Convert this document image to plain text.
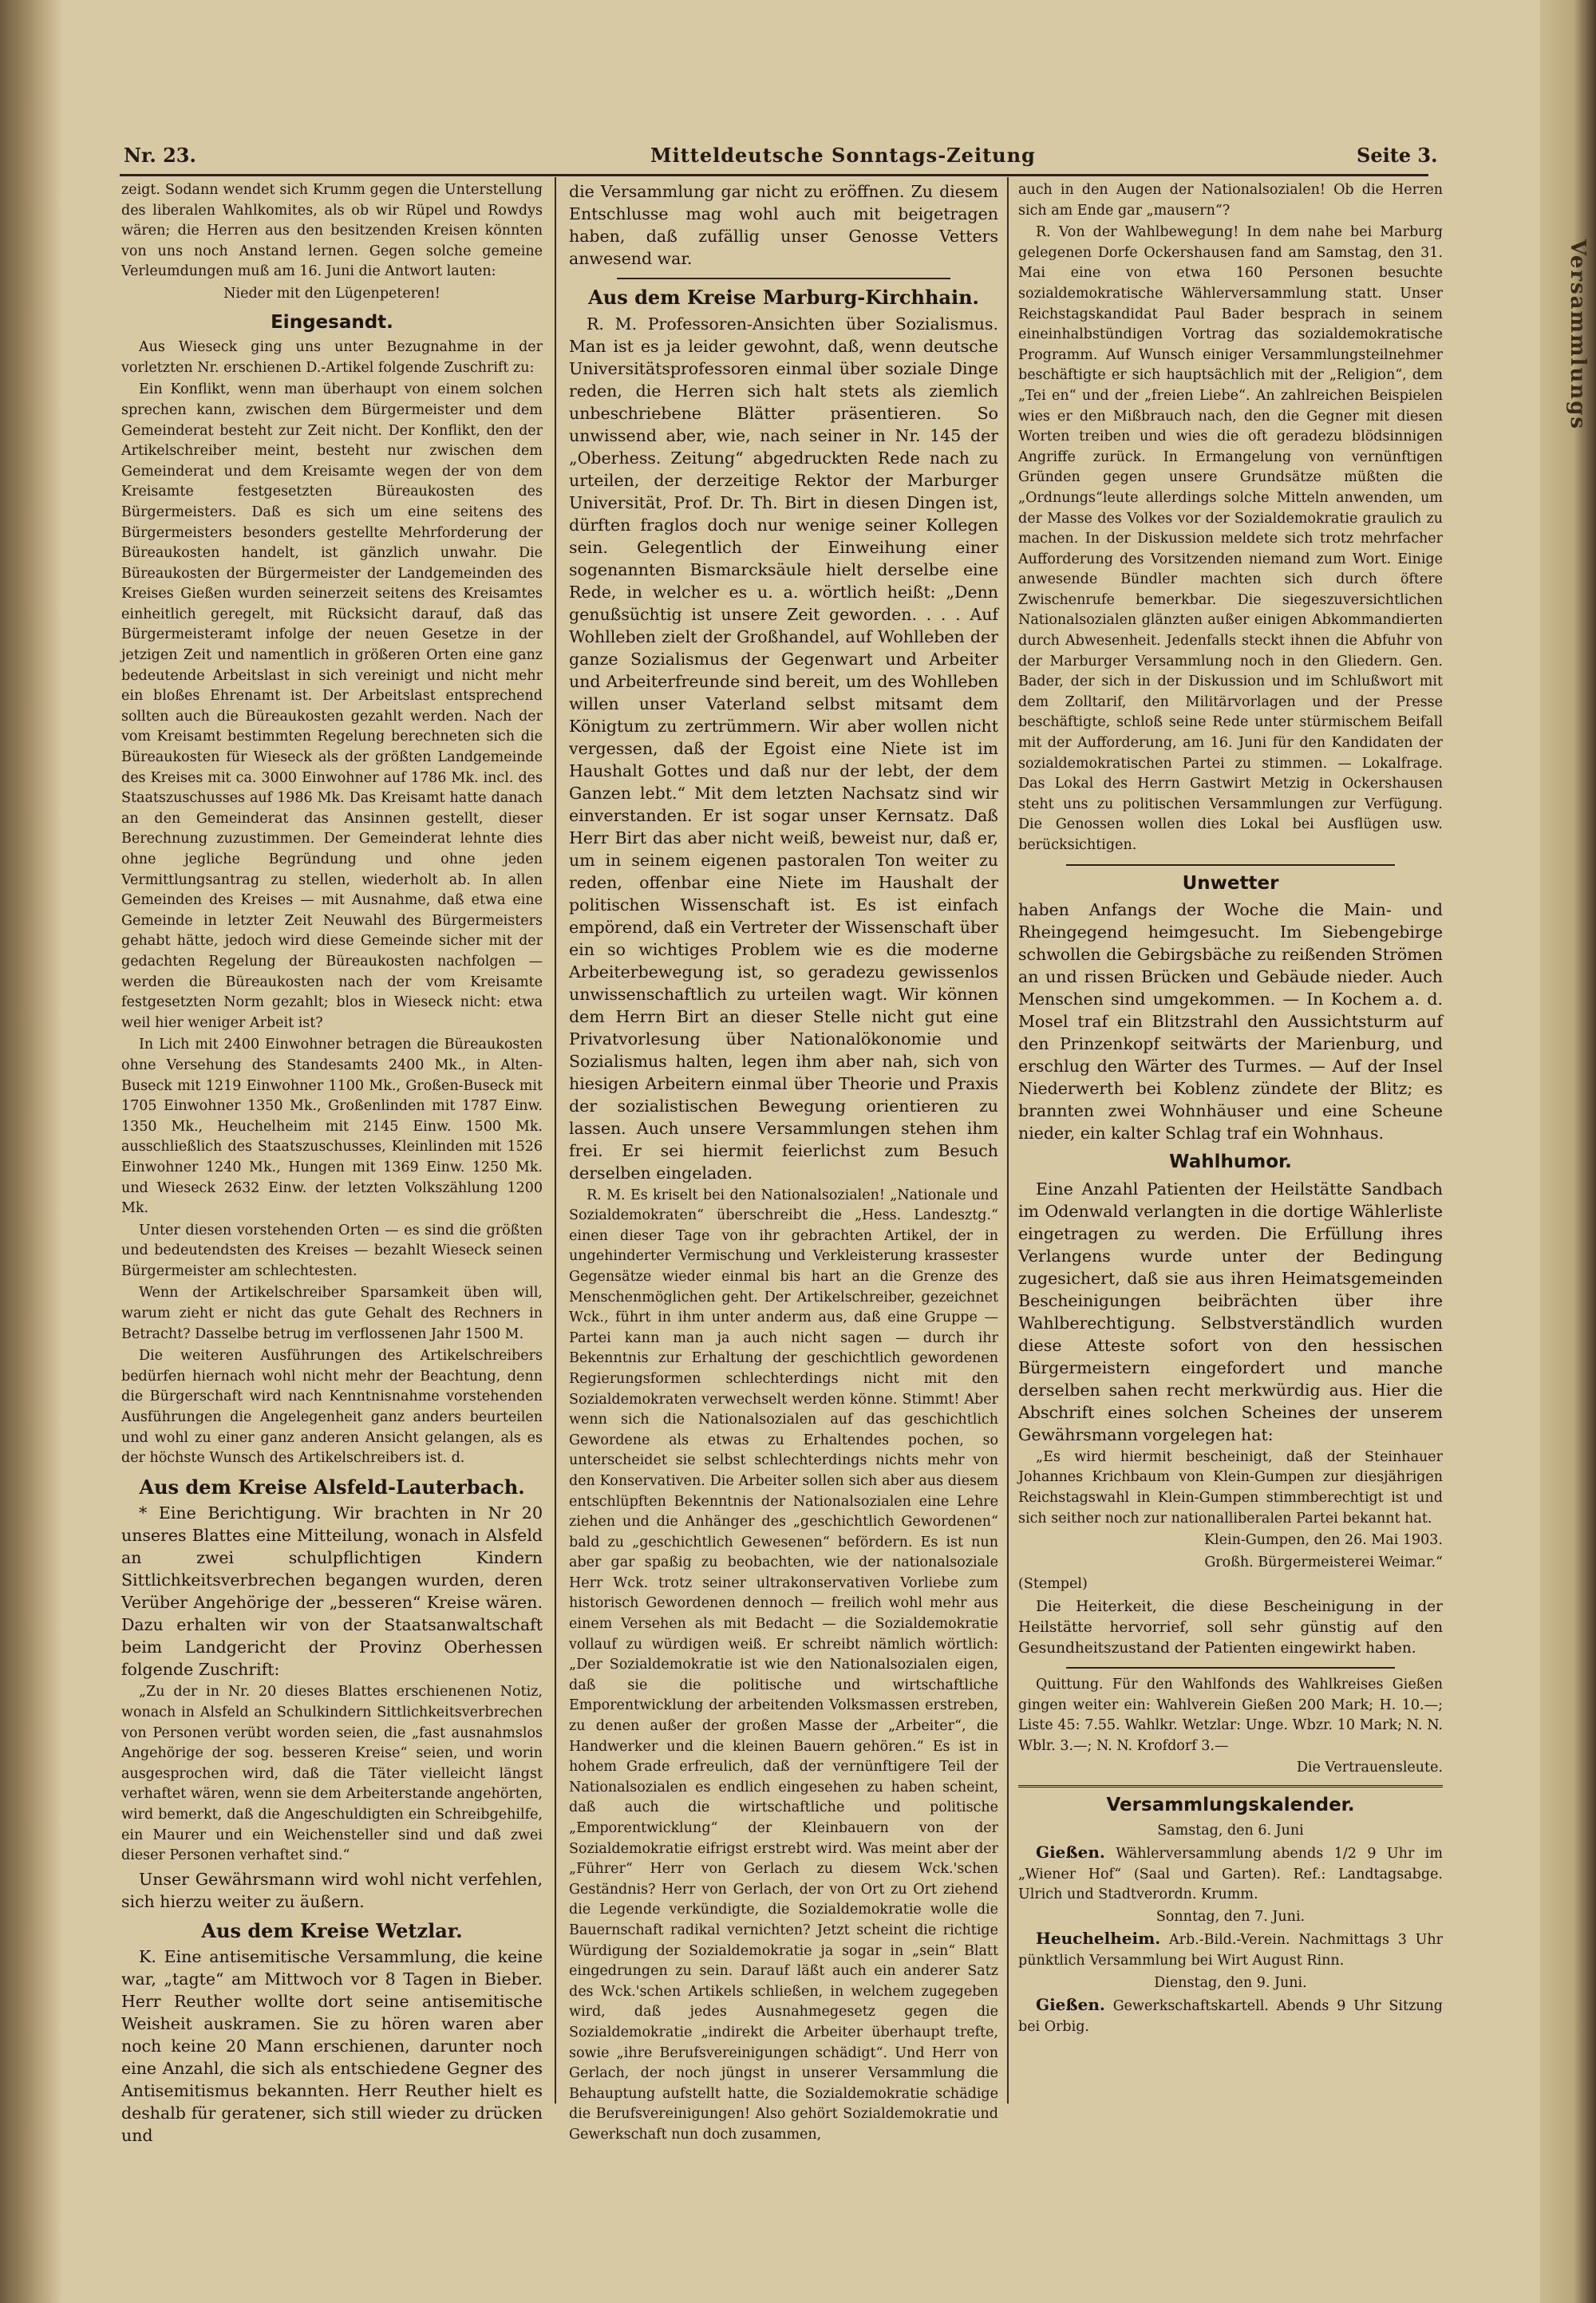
Versammlungs
Nr. 23.	Mitteldeutsche Sonntags-Zeitung	Seite 3.

zeigt. Sodann wendet sich Krumm gegen die Unterstellung des liberalen Wahlkomites, als ob wir Rüpel und Rowdys wären; die Herren aus den besitzenden Kreisen könnten von uns noch Anstand lernen. Gegen solche gemeine Verleumdungen muß am 16. Juni die Antwort lauten:

Nieder mit den Lügenpeteren!

Eingesandt.

Aus Wieseck ging uns unter Bezugnahme in der vorletzten Nr. erschienen D.-Artikel folgende Zuschrift zu:

Ein Konflikt, wenn man überhaupt von einem solchen sprechen kann, zwischen dem Bürgermeister und dem Gemeinderat besteht zur Zeit nicht. Der Konflikt, den der Artikelschreiber meint, besteht nur zwischen dem Gemeinderat und dem Kreisamte wegen der von dem Kreisamte festgesetzten Büreaukosten des Bürgermeisters. Daß es sich um eine seitens des Bürgermeisters besonders gestellte Mehrforderung der Büreaukosten handelt, ist gänzlich unwahr. Die Büreaukosten der Bürgermeister der Landgemeinden des Kreises Gießen wurden seinerzeit seitens des Kreisamtes einheitlich geregelt, mit Rücksicht darauf, daß das Bürgermeisteramt infolge der neuen Gesetze in der jetzigen Zeit und namentlich in größeren Orten eine ganz bedeutende Arbeitslast in sich vereinigt und nicht mehr ein bloßes Ehrenamt ist. Der Arbeitslast entsprechend sollten auch die Büreaukosten gezahlt werden. Nach der vom Kreisamt bestimmten Regelung berechneten sich die Büreaukosten für Wieseck als der größten Landgemeinde des Kreises mit ca. 3000 Einwohner auf 1786 Mk. incl. des Staatszuschusses auf 1986 Mk. Das Kreisamt hatte danach an den Gemeinderat das Ansinnen gestellt, dieser Berechnung zuzustimmen. Der Gemeinderat lehnte dies ohne jegliche Begründung und ohne jeden Vermittlungsantrag zu stellen, wiederholt ab. In allen Gemeinden des Kreises — mit Ausnahme, daß etwa eine Gemeinde in letzter Zeit Neuwahl des Bürgermeisters gehabt hätte, jedoch wird diese Gemeinde sicher mit der gedachten Regelung der Büreaukosten nachfolgen — werden die Büreaukosten nach der vom Kreisamte festgesetzten Norm gezahlt; blos in Wieseck nicht: etwa weil hier weniger Arbeit ist?

In Lich mit 2400 Einwohner betragen die Büreaukosten ohne Versehung des Standesamts 2400 Mk., in Alten-Buseck mit 1219 Einwohner 1100 Mk., Großen-Buseck mit 1705 Einwohner 1350 Mk., Großenlinden mit 1787 Einw. 1350 Mk., Heuchelheim mit 2145 Einw. 1500 Mk. ausschließlich des Staatszuschusses, Kleinlinden mit 1526 Einwohner 1240 Mk., Hungen mit 1369 Einw. 1250 Mk. und Wieseck 2632 Einw. der letzten Volkszählung 1200 Mk.

Unter diesen vorstehenden Orten — es sind die größten und bedeutendsten des Kreises — bezahlt Wieseck seinen Bürgermeister am schlechtesten.

Wenn der Artikelschreiber Sparsamkeit üben will, warum zieht er nicht das gute Gehalt des Rechners in Betracht? Dasselbe betrug im verflossenen Jahr 1500 M.

Die weiteren Ausführungen des Artikelschreibers bedürfen hiernach wohl nicht mehr der Beachtung, denn die Bürgerschaft wird nach Kenntnisnahme vorstehenden Ausführungen die Angelegenheit ganz anders beurteilen und wohl zu einer ganz anderen Ansicht gelangen, als es der höchste Wunsch des Artikelschreibers ist. d.

Aus dem Kreise Alsfeld-Lauterbach.

* Eine Berichtigung. Wir brachten in Nr 20 unseres Blattes eine Mitteilung, wonach in Alsfeld an zwei schulpflichtigen Kindern Sittlichkeitsverbrechen begangen wurden, deren Verüber Angehörige der „besseren“ Kreise wären. Dazu erhalten wir von der Staatsanwaltschaft beim Landgericht der Provinz Oberhessen folgende Zuschrift:

„Zu der in Nr. 20 dieses Blattes erschienenen Notiz, wonach in Alsfeld an Schulkindern Sittlichkeitsverbrechen von Personen verübt worden seien, die „fast ausnahmslos Angehörige der sog. besseren Kreise“ seien, und worin ausgesprochen wird, daß die Täter vielleicht längst verhaftet wären, wenn sie dem Arbeiterstande angehörten, wird bemerkt, daß die Angeschuldigten ein Schreibgehilfe, ein Maurer und ein Weichensteller sind und daß zwei dieser Personen verhaftet sind.“

Unser Gewährsmann wird wohl nicht verfehlen, sich hierzu weiter zu äußern.

Aus dem Kreise Wetzlar.

K. Eine antisemitische Versammlung, die keine war, „tagte“ am Mittwoch vor 8 Tagen in Bieber. Herr Reuther wollte dort seine antisemitische Weisheit auskramen. Sie zu hören waren aber noch keine 20 Mann erschienen, darunter noch eine Anzahl, die sich als entschiedene Gegner des Antisemitismus bekannten. Herr Reuther hielt es deshalb für geratener, sich still wieder zu drücken und

die Versammlung gar nicht zu eröffnen. Zu diesem Entschlusse mag wohl auch mit beigetragen haben, daß zufällig unser Genosse Vetters anwesend war.

Aus dem Kreise Marburg-Kirchhain.

R. M. Professoren-Ansichten über Sozialismus. Man ist es ja leider gewohnt, daß, wenn deutsche Universitätsprofessoren einmal über soziale Dinge reden, die Herren sich halt stets als ziemlich unbeschriebene Blätter präsentieren. So unwissend aber, wie, nach seiner in Nr. 145 der „Oberhess. Zeitung“ abgedruckten Rede nach zu urteilen, der derzeitige Rektor der Marburger Universität, Prof. Dr. Th. Birt in diesen Dingen ist, dürften fraglos doch nur wenige seiner Kollegen sein. Gelegentlich der Einweihung einer sogenannten Bismarcksäule hielt derselbe eine Rede, in welcher es u. a. wörtlich heißt: „Denn genußsüchtig ist unsere Zeit geworden. . . . Auf Wohlleben zielt der Großhandel, auf Wohlleben der ganze Sozialismus der Gegenwart und Arbeiter und Arbeiterfreunde sind bereit, um des Wohlleben willen unser Vaterland selbst mitsamt dem Königtum zu zertrümmern. Wir aber wollen nicht vergessen, daß der Egoist eine Niete ist im Haushalt Gottes und daß nur der lebt, der dem Ganzen lebt.“ Mit dem letzten Nachsatz sind wir einverstanden. Er ist sogar unser Kernsatz. Daß Herr Birt das aber nicht weiß, beweist nur, daß er, um in seinem eigenen pastoralen Ton weiter zu reden, offenbar eine Niete im Haushalt der politischen Wissenschaft ist. Es ist einfach empörend, daß ein Vertreter der Wissenschaft über ein so wichtiges Problem wie es die moderne Arbeiterbewegung ist, so geradezu gewissenlos unwissenschaftlich zu urteilen wagt. Wir können dem Herrn Birt an dieser Stelle nicht gut eine Privatvorlesung über Nationalökonomie und Sozialismus halten, legen ihm aber nah, sich von hiesigen Arbeitern einmal über Theorie und Praxis der sozialistischen Bewegung orientieren zu lassen. Auch unsere Versammlungen stehen ihm frei. Er sei hiermit feierlichst zum Besuch derselben eingeladen.

R. M. Es kriselt bei den Nationalsozialen! „Nationale und Sozialdemokraten“ überschreibt die „Hess. Landesztg.“ einen dieser Tage von ihr gebrachten Artikel, der in ungehinderter Vermischung und Verkleisterung krassester Gegensätze wieder einmal bis hart an die Grenze des Menschenmöglichen geht. Der Artikelschreiber, gezeichnet Wck., führt in ihm unter anderm aus, daß eine Gruppe — Partei kann man ja auch nicht sagen — durch ihr Bekenntnis zur Erhaltung der geschichtlich gewordenen Regierungsformen schlechterdings nicht mit den Sozialdemokraten verwechselt werden könne. Stimmt! Aber wenn sich die Nationalsozialen auf das geschichtlich Gewordene als etwas zu Erhaltendes pochen, so unterscheidet sie selbst schlechterdings nichts mehr von den Konservativen. Die Arbeiter sollen sich aber aus diesem entschlüpften Bekenntnis der Nationalsozialen eine Lehre ziehen und die Anhänger des „geschichtlich Gewordenen“ bald zu „geschichtlich Gewesenen“ befördern. Es ist nun aber gar spaßig zu beobachten, wie der nationalsoziale Herr Wck. trotz seiner ultrakonservativen Vorliebe zum historisch Gewordenen dennoch — freilich wohl mehr aus einem Versehen als mit Bedacht — die Sozialdemokratie vollauf zu würdigen weiß. Er schreibt nämlich wörtlich: „Der Sozialdemokratie ist wie den Nationalsozialen eigen, daß sie die politische und wirtschaftliche Emporentwicklung der arbeitenden Volksmassen erstreben, zu denen außer der großen Masse der „Arbeiter“, die Handwerker und die kleinen Bauern gehören.“ Es ist in hohem Grade erfreulich, daß der vernünftigere Teil der Nationalsozialen es endlich eingesehen zu haben scheint, daß auch die wirtschaftliche und politische „Emporentwicklung“ der Kleinbauern von der Sozialdemokratie eifrigst erstrebt wird. Was meint aber der „Führer“ Herr von Gerlach zu diesem Wck.'schen Geständnis? Herr von Gerlach, der von Ort zu Ort ziehend die Legende verkündigte, die Sozialdemokratie wolle die Bauernschaft radikal vernichten? Jetzt scheint die richtige Würdigung der Sozialdemokratie ja sogar in „sein“ Blatt eingedrungen zu sein. Darauf läßt auch ein anderer Satz des Wck.'schen Artikels schließen, in welchem zugegeben wird, daß jedes Ausnahmegesetz gegen die Sozialdemokratie „indirekt die Arbeiter überhaupt trefte, sowie „ihre Berufsvereinigungen schädigt“. Und Herr von Gerlach, der noch jüngst in unserer Versammlung die Behauptung aufstellt hatte, die Sozialdemokratie schädige die Berufsvereinigungen! Also gehört Sozialdemokratie und Gewerkschaft nun doch zusammen,

auch in den Augen der Nationalsozialen! Ob die Herren sich am Ende gar „mausern“?

R. Von der Wahlbewegung! In dem nahe bei Marburg gelegenen Dorfe Ockershausen fand am Samstag, den 31. Mai eine von etwa 160 Personen besuchte sozialdemokratische Wählerversammlung statt. Unser Reichstagskandidat Paul Bader besprach in seinem eineinhalbstündigen Vortrag das sozialdemokratische Programm. Auf Wunsch einiger Versammlungsteilnehmer beschäftigte er sich hauptsächlich mit der „Religion“, dem „Tei en“ und der „freien Liebe“. An zahlreichen Beispielen wies er den Mißbrauch nach, den die Gegner mit diesen Worten treiben und wies die oft geradezu blödsinnigen Angriffe zurück. In Ermangelung von vernünftigen Gründen gegen unsere Grundsätze müßten die „Ordnungs“leute allerdings solche Mitteln anwenden, um der Masse des Volkes vor der Sozialdemokratie graulich zu machen. In der Diskussion meldete sich trotz mehrfacher Aufforderung des Vorsitzenden niemand zum Wort. Einige anwesende Bündler machten sich durch öftere Zwischenrufe bemerkbar. Die siegeszuversichtlichen Nationalsozialen glänzten außer einigen Abkommandierten durch Abwesenheit. Jedenfalls steckt ihnen die Abfuhr von der Marburger Versammlung noch in den Gliedern. Gen. Bader, der sich in der Diskussion und im Schlußwort mit dem Zolltarif, den Militärvorlagen und der Presse beschäftigte, schloß seine Rede unter stürmischem Beifall mit der Aufforderung, am 16. Juni für den Kandidaten der sozialdemokratischen Partei zu stimmen. — Lokalfrage. Das Lokal des Herrn Gastwirt Metzig in Ockershausen steht uns zu politischen Versammlungen zur Verfügung. Die Genossen wollen dies Lokal bei Ausflügen usw. berücksichtigen.

Unwetter

haben Anfangs der Woche die Main- und Rheingegend heimgesucht. Im Siebengebirge schwollen die Gebirgsbäche zu reißenden Strömen an und rissen Brücken und Gebäude nieder. Auch Menschen sind umgekommen. — In Kochem a. d. Mosel traf ein Blitzstrahl den Aussichtsturm auf den Prinzenkopf seitwärts der Marienburg, und erschlug den Wärter des Turmes. — Auf der Insel Niederwerth bei Koblenz zündete der Blitz; es brannten zwei Wohnhäuser und eine Scheune nieder, ein kalter Schlag traf ein Wohnhaus.

Wahlhumor.

Eine Anzahl Patienten der Heilstätte Sandbach im Odenwald verlangten in die dortige Wählerliste eingetragen zu werden. Die Erfüllung ihres Verlangens wurde unter der Bedingung zugesichert, daß sie aus ihren Heimatsgemeinden Bescheinigungen beibrächten über ihre Wahlberechtigung. Selbstverständlich wurden diese Atteste sofort von den hessischen Bürgermeistern eingefordert und manche derselben sahen recht merkwürdig aus. Hier die Abschrift eines solchen Scheines der unserem Gewährsmann vorgelegen hat:

„Es wird hiermit bescheinigt, daß der Steinhauer Johannes Krichbaum von Klein-Gumpen zur diesjährigen Reichstagswahl in Klein-Gumpen stimmberechtigt ist und sich seither noch zur nationalliberalen Partei bekannt hat.

Klein-Gumpen, den 26. Mai 1903.

Großh. Bürgermeisterei Weimar.“

(Stempel)

Die Heiterkeit, die diese Bescheinigung in der Heilstätte hervorrief, soll sehr günstig auf den Gesundheitszustand der Patienten eingewirkt haben.

Quittung. Für den Wahlfonds des Wahlkreises Gießen gingen weiter ein: Wahlverein Gießen 200 Mark; H. 10.—; Liste 45: 7.55. Wahlkr. Wetzlar: Unge. Wbzr. 10 Mark; N. N. Wblr. 3.—; N. N. Krofdorf 3.—

Die Vertrauensleute.

Versammlungskalender.

Samstag, den 6. Juni

Gießen. Wählerversammlung abends 1/2 9 Uhr im „Wiener Hof“ (Saal und Garten). Ref.: Landtagsabge. Ulrich und Stadtverordn. Krumm.

Sonntag, den 7. Juni.

Heuchelheim. Arb.-Bild.-Verein. Nachmittags 3 Uhr pünktlich Versammlung bei Wirt August Rinn.

Dienstag, den 9. Juni.

Gießen. Gewerkschaftskartell. Abends 9 Uhr Sitzung bei Orbig.
